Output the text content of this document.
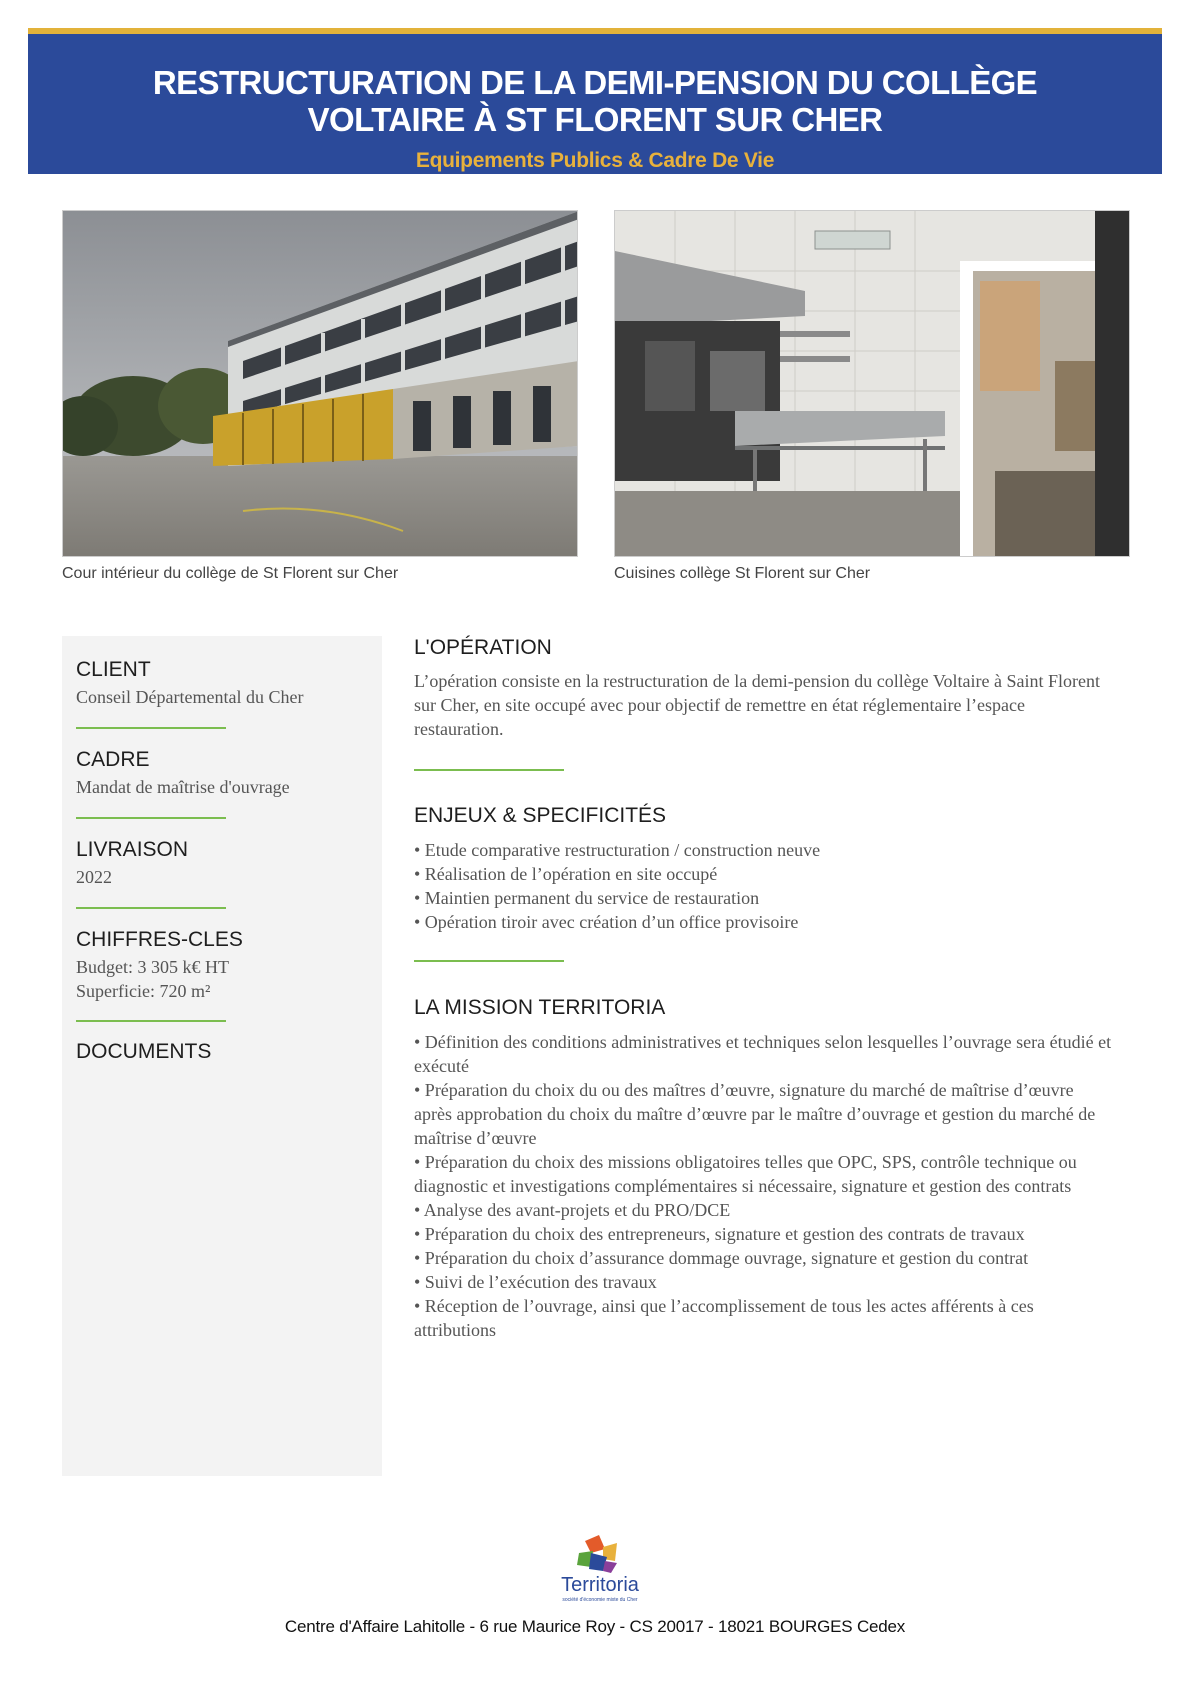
RESTRUCTURATION DE LA DEMI-PENSION DU COLLÈGE VOLTAIRE À ST FLORENT SUR CHER
Equipements Publics & Cadre De Vie
Cour intérieur du collège de St Florent sur Cher	Cuisines collège St Florent sur Cher
CLIENT
Conseil Départemental du Cher
CADRE
Mandat de maîtrise d'ouvrage
LIVRAISON
2022
CHIFFRES-CLES
Budget: 3 305 k€ HT
Superficie: 720 m²
DOCUMENTS
L'OPÉRATION
L’opération consiste en la restructuration de la demi-pension du collège Voltaire à Saint Florent sur Cher, en site occupé avec pour objectif de remettre en état réglementaire l’espace restauration.
ENJEUX & SPECIFICITÉS
• Etude comparative restructuration / construction neuve
• Réalisation de l’opération en site occupé
• Maintien permanent du service de restauration
• Opération tiroir avec création d’un office provisoire
LA MISSION TERRITORIA
• Définition des conditions administratives et techniques selon lesquelles l’ouvrage sera étudié et exécuté
• Préparation du choix du ou des maîtres d’œuvre, signature du marché de maîtrise d’œuvre après approbation du choix du maître d’œuvre par le maître d’ouvrage et gestion du marché de maîtrise d’œuvre
• Préparation du choix des missions obligatoires telles que OPC, SPS, contrôle technique ou diagnostic et investigations complémentaires si nécessaire, signature et gestion des contrats
• Analyse des avant-projets et du PRO/DCE
• Préparation du choix des entrepreneurs, signature et gestion des contrats de travaux
• Préparation du choix d’assurance dommage ouvrage, signature et gestion du contrat
• Suivi de l’exécution des travaux
• Réception de l’ouvrage, ainsi que l’accomplissement de tous les actes afférents à ces attributions
Territoria
société d'économie mixte du Cher
Centre d'Affaire Lahitolle - 6 rue Maurice Roy - CS 20017 - 18021 BOURGES Cedex
